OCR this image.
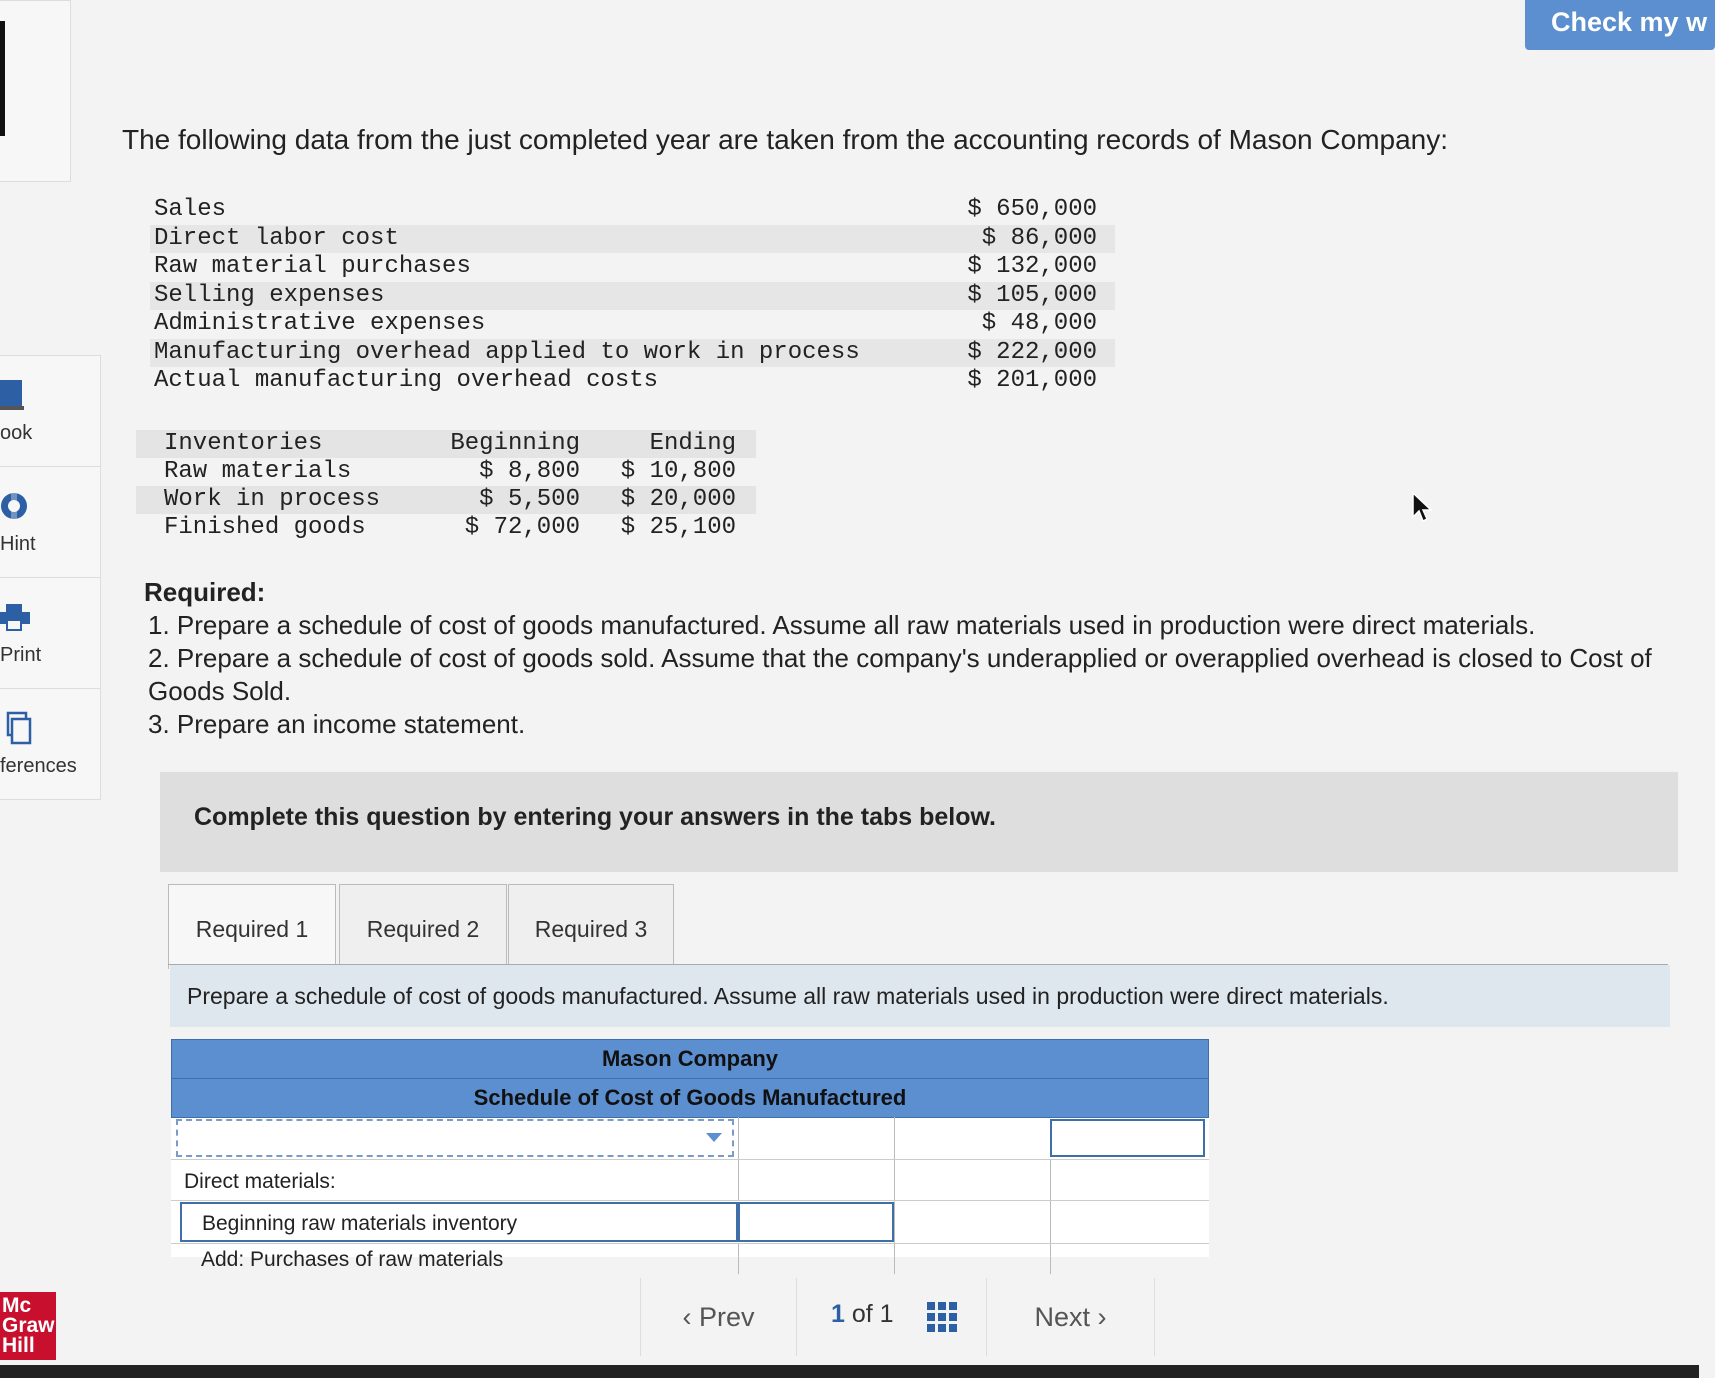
Check my w
ook
Hint
Print
ferences
Mc
Graw
Hill
The following data from the just completed year are taken from the accounting records of Mason Company:
Sales	$ 650,000
Direct labor cost	$ 86,000
Raw material purchases	$ 132,000
Selling expenses	$ 105,000
Administrative expenses	$ 48,000
Manufacturing overhead applied to work in process	$ 222,000
Actual manufacturing overhead costs	$ 201,000
Inventories	Beginning	Ending
Raw materials	$ 8,800 $ 10,800
Work in process	$ 5,500 $ 20,000
Finished goods	$ 72,000 $ 25,100
Required:

1. Prepare a schedule of cost of goods manufactured. Assume all raw materials used in production were direct materials.

2. Prepare a schedule of cost of goods sold. Assume that the company's underapplied or overapplied overhead is closed to Cost of Goods Sold.

3. Prepare an income statement.

Complete this question by entering your answers in the tabs below.
Required 1	Required 2	Required 3
Prepare a schedule of cost of goods manufactured. Assume all raw materials used in production were direct materials.
Mason Company
Schedule of Cost of Goods Manufactured
Direct materials:
Beginning raw materials inventory
Add: Purchases of raw materials
‹ Prev	1 of 1	Next ›
